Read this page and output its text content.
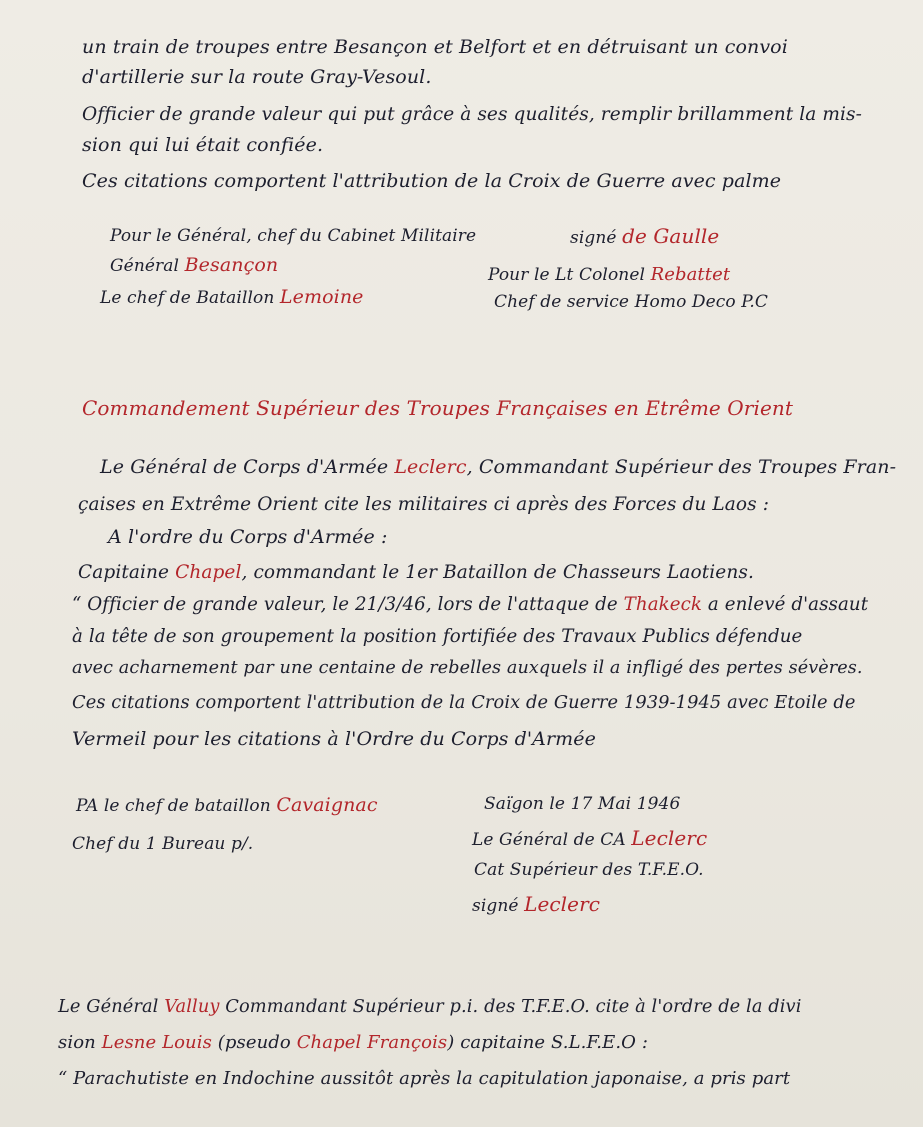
un train de troupes entre Besançon et Belfort et en détruisant un convoi
d'artillerie sur la route Gray-Vesoul.
Officier de grande valeur qui put grâce à ses qualités, remplir brillamment la mis-
sion qui lui était confiée.
Ces citations comportent l'attribution de la Croix de Guerre avec palme
Pour le Général, chef du Cabinet Militaire
Général Besançon
Le chef de Bataillon Lemoine
signé de Gaulle
Pour le Lt Colonel Rebattet
Chef de service Homo Deco P.C
Commandement Supérieur des Troupes Françaises en Etrême Orient
Le Général de Corps d'Armée Leclerc, Commandant Supérieur des Troupes Fran-
çaises en Extrême Orient cite les militaires ci après des Forces du Laos :
A l'ordre du Corps d'Armée :
Capitaine Chapel, commandant le 1er Bataillon de Chasseurs Laotiens.
“ Officier de grande valeur, le 21/3/46, lors de l'attaque de Thakeck a enlevé d'assaut
à la tête de son groupement la position fortifiée des Travaux Publics défendue
avec acharnement par une centaine de rebelles auxquels il a infligé des pertes sévères.
Ces citations comportent l'attribution de la Croix de Guerre 1939-1945 avec Etoile de
Vermeil pour les citations à l'Ordre du Corps d'Armée
PA le chef de bataillon Cavaignac
Chef du 1 Bureau p/.
Saïgon le 17 Mai 1946
Le Général de CA Leclerc
Cat Supérieur des T.F.E.O.
signé Leclerc
Le Général Valluy Commandant Supérieur p.i. des T.F.E.O. cite à l'ordre de la divi
sion Lesne Louis (pseudo Chapel François) capitaine S.L.F.E.O :
“ Parachutiste en Indochine aussitôt après la capitulation japonaise, a pris part
